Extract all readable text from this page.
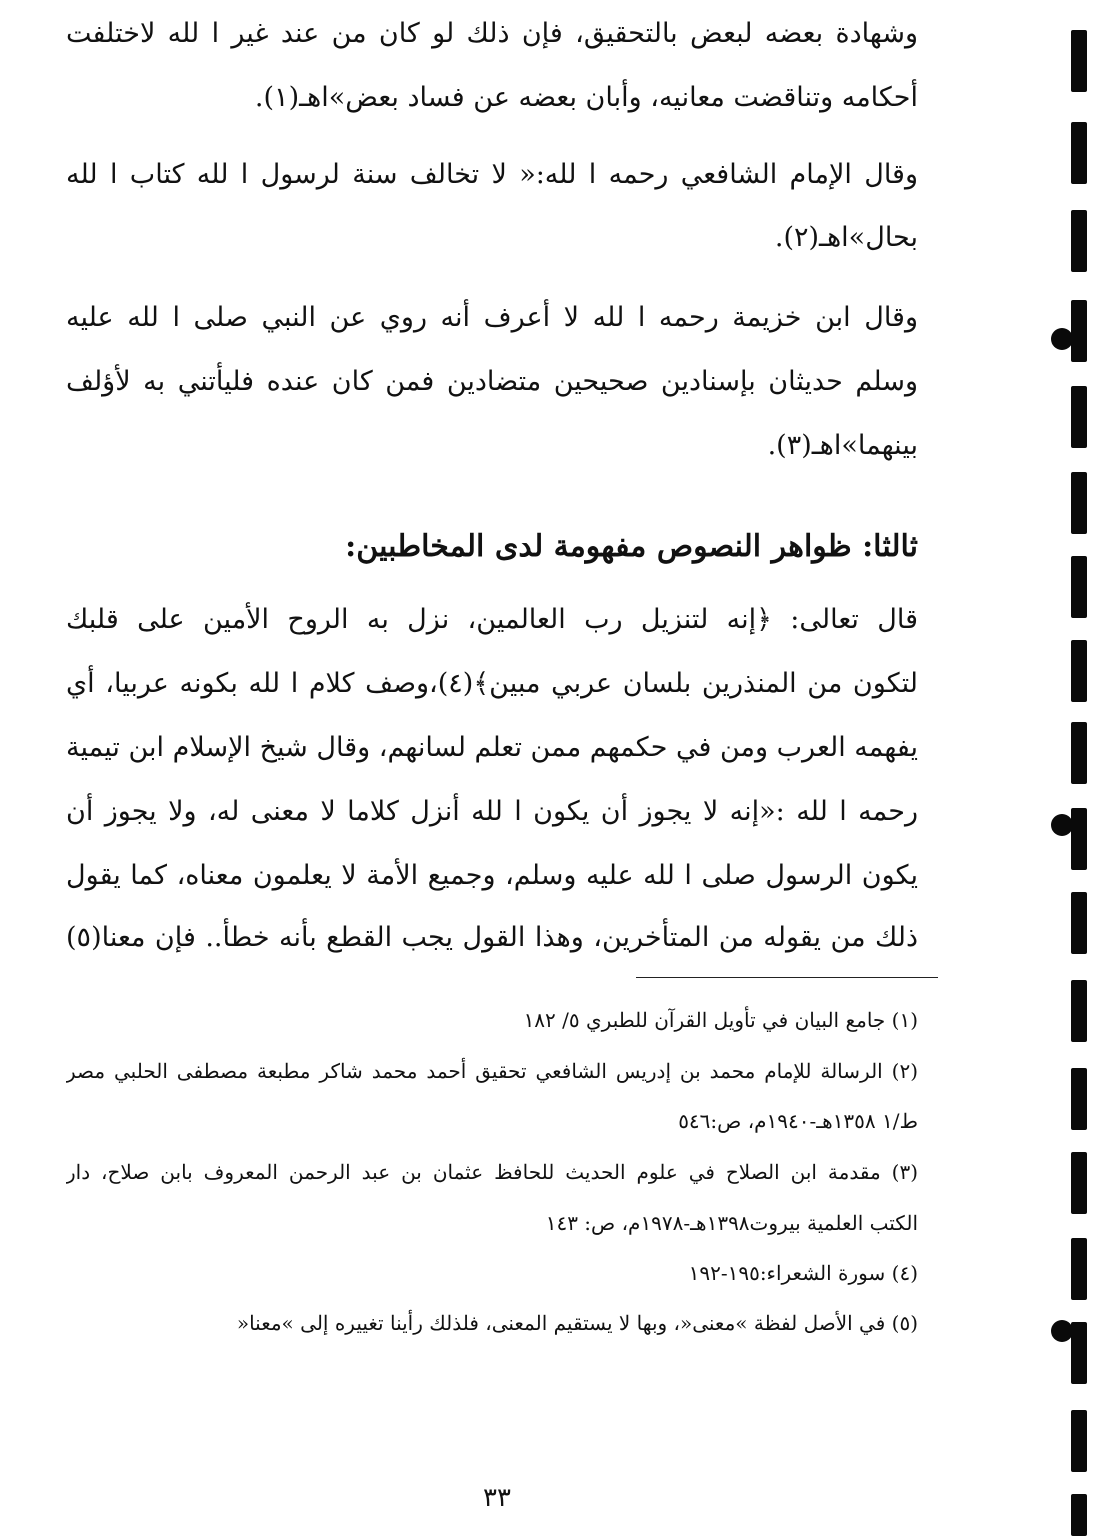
وشهادة بعضه لبعض بالتحقيق، فإن ذلك لو كان من عند غير ا لله لاختلفت
أحكامه وتناقضت معانيه، وأبان بعضه عن فساد بعض»اهـ(١).
وقال الإمام الشافعي رحمه ا لله:« لا تخالف سنة لرسول ا لله كتاب ا لله
بحال»اهـ(٢).
وقال ابن خزيمة رحمه ا لله لا أعرف أنه روي عن النبي صلى ا لله عليه
وسلم حديثان بإسنادين صحيحين متضادين فمن كان عنده فليأتني به لأؤلف
بينهما»اهـ(٣).
ثالثا: ظواهر النصوص مفهومة لدى المخاطبين:
قال تعالى: ﴿إنه لتنزيل رب العالمين، نزل به الروح الأمين على قلبك
لتكون من المنذرين بلسان عربي مبين﴾(٤)،وصف كلام ا لله بكونه عربيا، أي
يفهمه العرب ومن في حكمهم ممن تعلم لسانهم، وقال شيخ الإسلام ابن تيمية
رحمه ا لله :«إنه لا يجوز أن يكون ا لله أنزل كلاما لا معنى له، ولا يجوز أن
يكون الرسول صلى ا لله عليه وسلم، وجميع الأمة لا يعلمون معناه، كما يقول
ذلك من يقوله من المتأخرين، وهذا القول يجب القطع بأنه خطأ.. فإن معنا(٥)
(١) جامع البيان في تأويل القرآن للطبري ٥/ ١٨٢
(٢) الرسالة للإمام محمد بن إدريس الشافعي تحقيق أحمد محمد شاكر مطبعة مصطفى الحلبي مصر
ط/١ ١٣٥٨هـ-١٩٤٠م، ص:٥٤٦
(٣) مقدمة ابن الصلاح في علوم الحديث للحافظ عثمان بن عبد الرحمن المعروف بابن صلاح، دار
الكتب العلمية بيروت١٣٩٨هـ-١٩٧٨م، ص: ١٤٣
(٤) سورة الشعراء:١٩٥-١٩٢
(٥) في الأصل لفظة »معنى«، وبها لا يستقيم المعنى، فلذلك رأينا تغييره إلى »معنا«
٣٣
